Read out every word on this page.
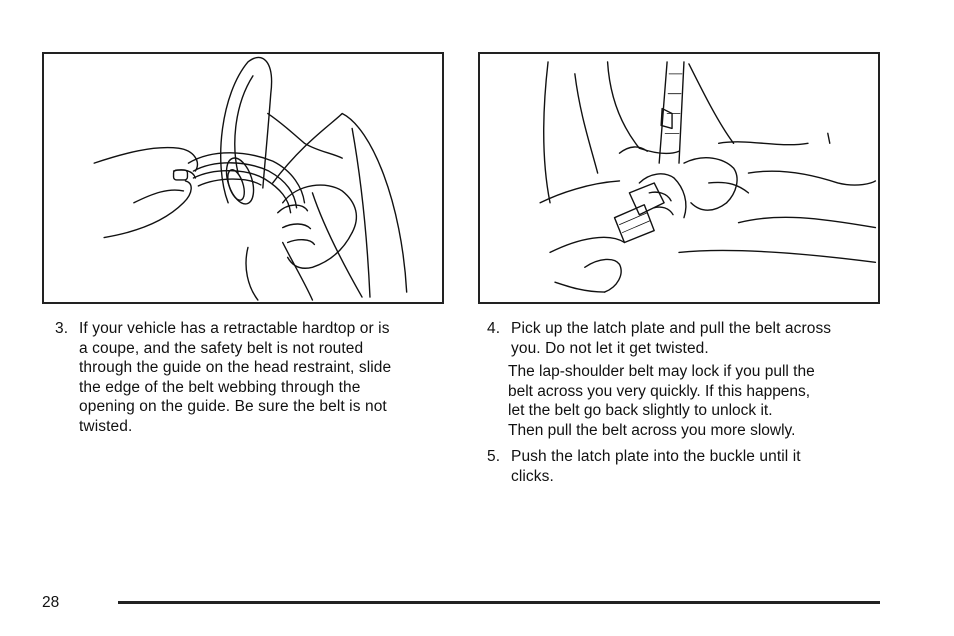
3. If your vehicle has a retractable hardtop or is
a coupe, and the safety belt is not routed
through the guide on the head restraint, slide
the edge of the belt webbing through the
opening on the guide. Be sure the belt is not
twisted.
4. Pick up the latch plate and pull the belt across
you. Do not let it get twisted.
The lap-shoulder belt may lock if you pull the
belt across you very quickly. If this happens,
let the belt go back slightly to unlock it.
Then pull the belt across you more slowly.
5. Push the latch plate into the buckle until it
clicks.
28
